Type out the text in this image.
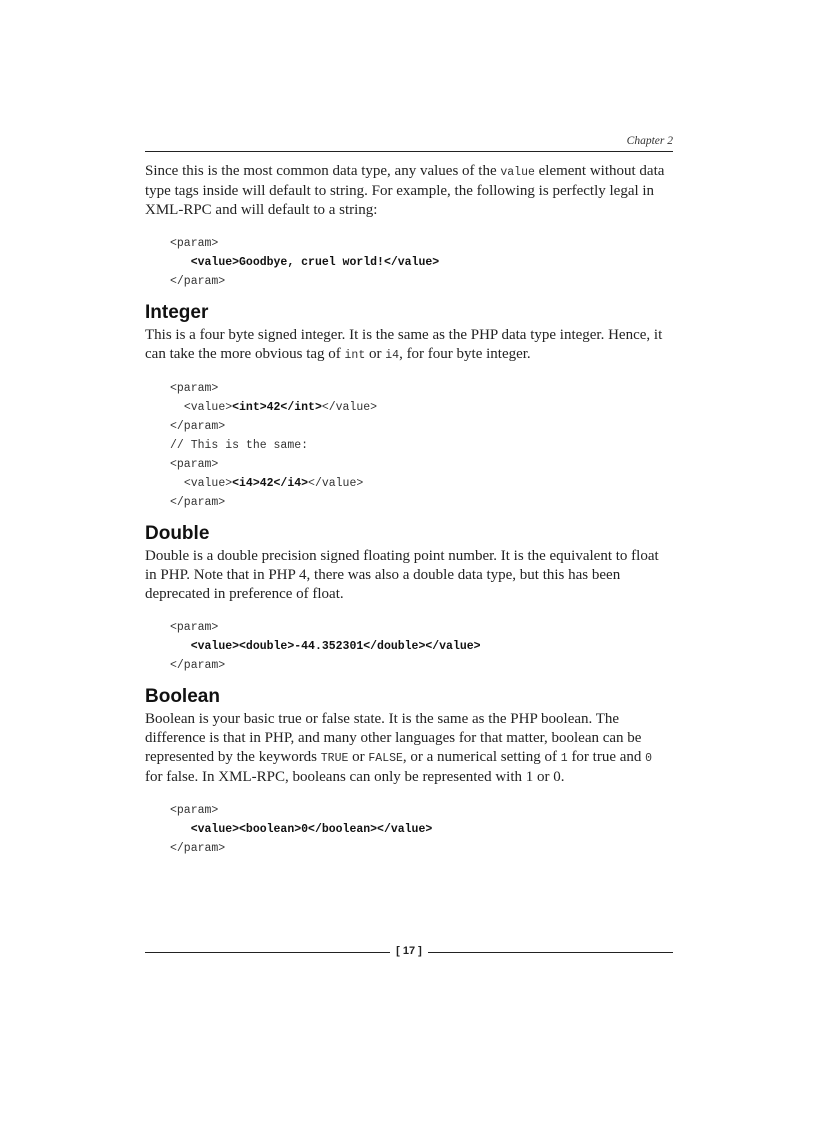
Chapter 2

Since this is the most common data type, any values of the value element without data type tags inside will default to string. For example, the following is perfectly legal in XML-RPC and will default to a string:

<param>
<value>Goodbye, cruel world!</value>
</param>
Integer

This is a four byte signed integer. It is the same as the PHP data type integer. Hence, it can take the more obvious tag of int or i4, for four byte integer.

<param>
<value><int>42</int></value>
</param>
// This is the same:
<param>
<value><i4>42</i4></value>
</param>
Double

Double is a double precision signed floating point number. It is the equivalent to float in PHP. Note that in PHP 4, there was also a double data type, but this has been deprecated in preference of float.

<param>
<value><double>-44.352301</double></value>
</param>
Boolean

Boolean is your basic true or false state. It is the same as the PHP boolean. The difference is that in PHP, and many other languages for that matter, boolean can be represented by the keywords TRUE or FALSE, or a numerical setting of 1 for true and 0 for false. In XML-RPC, booleans can only be represented with 1 or 0.

<param>
<value><boolean>0</boolean></value>
</param>
[ 17 ]
